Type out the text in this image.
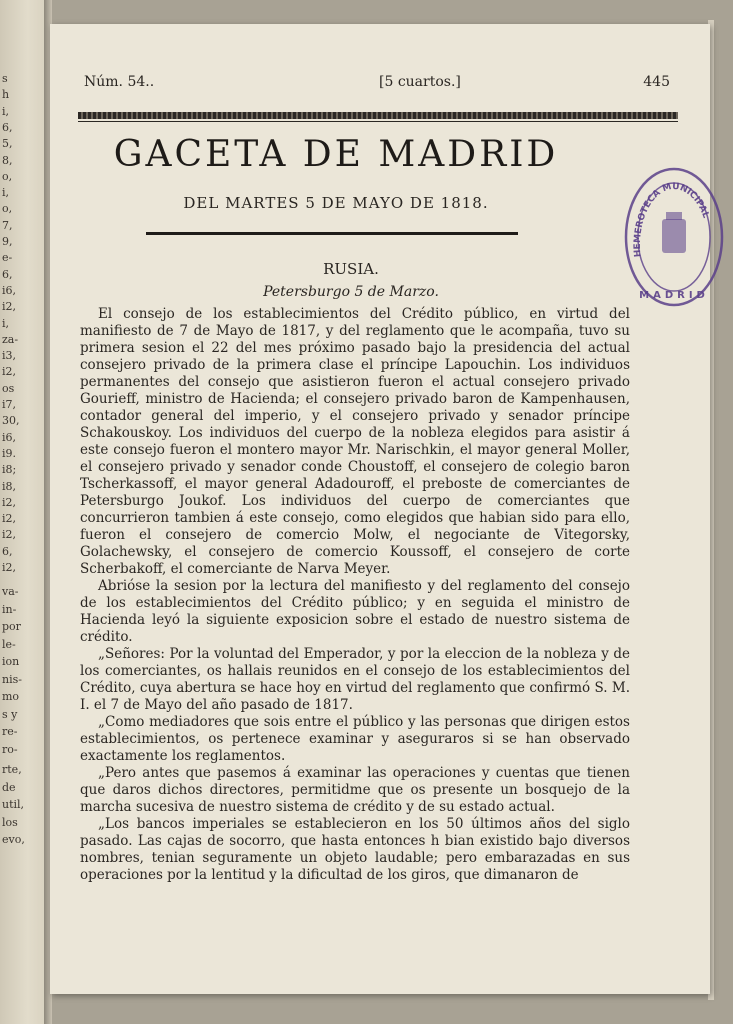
s
h
i,
6,
5,
8,
o,
i,
o,
7,
9,
e-
6,
i6,
i2,
i,
za-
i3,
i2,
os
i7,
30,
i6,
i9.
i8;
i8,
i2,
i2,
i2,
6,
i2,
va-
in-
por
le-
ion
nis-
mo
s y
re-
ro-
rte,
de
util,
los
evo,
Núm. 54..	[5 cuartos.]	445
GACETA DE MADRID
DEL MARTES 5 DE MAYO DE 1818.
HEMEROTECA MUNICIPAL
MADRID
RUSIA.
Petersburgo 5 de Marzo.

El consejo de los establecimientos del Crédito público, en virtud del manifiesto de 7 de Mayo de 1817, y del reglamento que le acompaña, tuvo su primera sesion el 22 del mes próximo pasado bajo la presidencia del actual consejero privado de la primera clase el príncipe Lapouchin. Los individuos permanentes del consejo que asistieron fueron el actual consejero privado Gourieff, ministro de Hacienda; el consejero privado baron de Kampenhausen, contador general del imperio, y el consejero privado y senador príncipe Schakouskoy. Los individuos del cuerpo de la nobleza elegidos para asistir á este consejo fueron el montero mayor Mr. Narischkin, el mayor general Moller, el consejero privado y senador conde Choustoff, el consejero de colegio baron Tscherkassoff, el mayor general Adadouroff, el preboste de comerciantes de Petersburgo Joukof. Los individuos del cuerpo de comerciantes que concurrieron tambien á este consejo, como elegidos que habian sido para ello, fueron el consejero de comercio Molw, el negociante de Vitegorsky, Golachewsky, el consejero de comercio Koussoff, el consejero de corte Scherbakoff, el comerciante de Narva Meyer.

Abrióse la sesion por la lectura del manifiesto y del reglamento del consejo de los establecimientos del Crédito público; y en seguida el ministro de Hacienda leyó la siguiente exposicion sobre el estado de nuestro sistema de crédito.

„Señores: Por la voluntad del Emperador, y por la eleccion de la nobleza y de los comerciantes, os hallais reunidos en el consejo de los establecimientos del Crédito, cuya abertura se hace hoy en virtud del reglamento que confirmó S. M. I. el 7 de Mayo del año pasado de 1817.

„Como mediadores que sois entre el público y las personas que dirigen estos establecimientos, os pertenece examinar y aseguraros si se han observado exactamente los reglamentos.

„Pero antes que pasemos á examinar las operaciones y cuentas que tienen que daros dichos directores, permitidme que os presente un bosquejo de la marcha sucesiva de nuestro sistema de crédito y de su estado actual.

„Los bancos imperiales se establecieron en los 50 últimos años del siglo pasado. Las cajas de socorro, que hasta entonces h bian existido bajo diversos nombres, tenian seguramente un objeto laudable; pero embarazadas en sus operaciones por la lentitud y la dificultad de los giros, que dimanaron de
